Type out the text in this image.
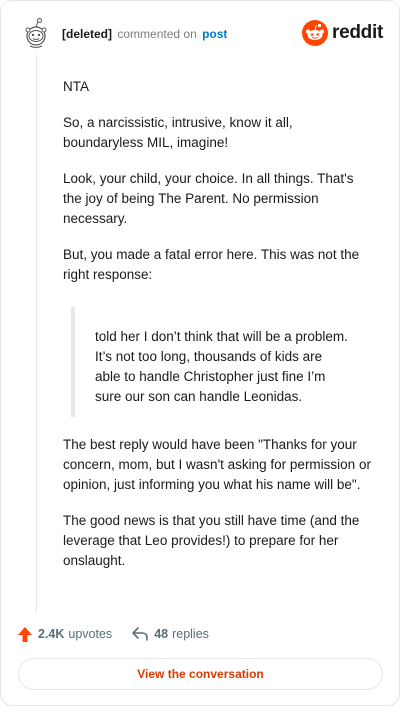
[deleted] commented on post	reddit

NTA

So, a narcissistic, intrusive, know it all, boundaryless MIL, imagine!

Look, your child, your choice. In all things. That's the joy of being The Parent. No permission necessary.

But, you made a fatal error here. This was not the right response:

told her I don’t think that will be a problem. It’s not too long, thousands of kids are able to handle Christopher just fine I’m sure our son can handle Leonidas.

The best reply would have been "Thanks for your concern, mom, but I wasn't asking for permission or opinion, just informing you what his name will be".

The good news is that you still have time (and the leverage that Leo provides!) to prepare for her onslaught.

2.4K upvotes	48 replies
View the conversation
